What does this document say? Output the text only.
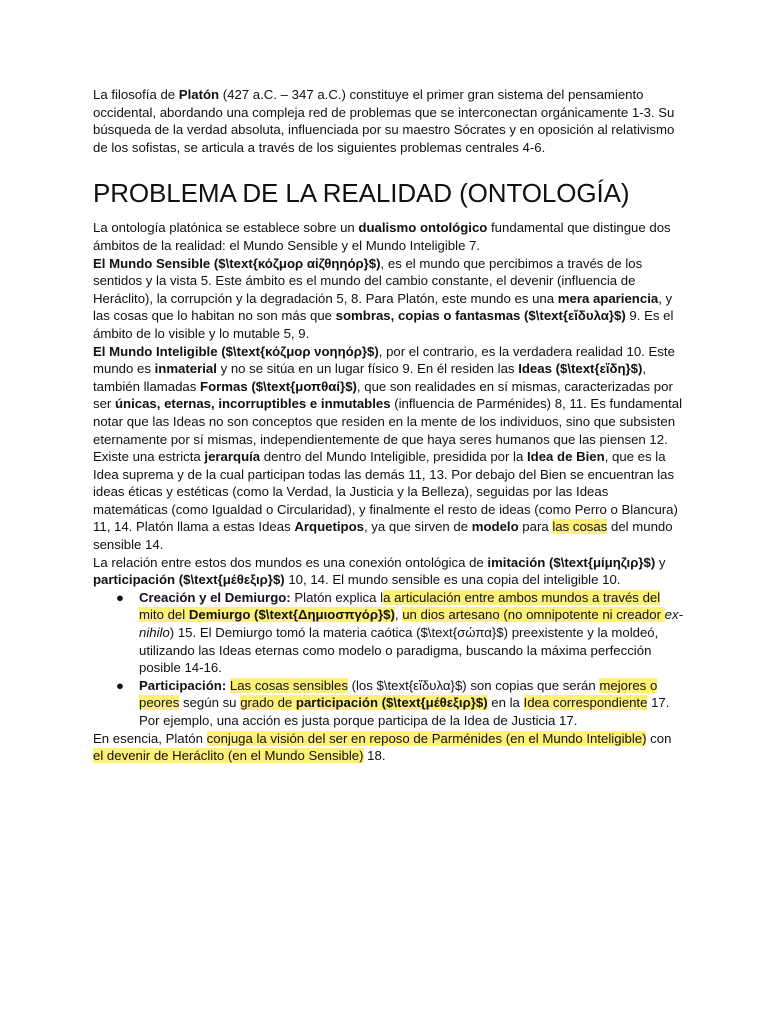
La filosofía de Platón (427 a.C. – 347 a.C.) constituye el primer gran sistema del pensamiento occidental, abordando una compleja red de problemas que se interconectan orgánicamente 1-3. Su búsqueda de la verdad absoluta, influenciada por su maestro Sócrates y en oposición al relativismo de los sofistas, se articula a través de los siguientes problemas centrales 4-6.

PROBLEMA DE LA REALIDAD (ONTOLOGÍA)

La ontología platónica se establece sobre un dualismo ontológico fundamental que distingue dos ámbitos de la realidad: el Mundo Sensible y el Mundo Inteligible 7.

El Mundo Sensible ($\text{κόζμορ αἰζθηηόρ}$), es el mundo que percibimos a través de los sentidos y la vista 5. Este ámbito es el mundo del cambio constante, el devenir (influencia de Heráclito), la corrupción y la degradación 5, 8. Para Platón, este mundo es una mera apariencia, y las cosas que lo habitan no son más que sombras, copias o fantasmas ($\text{εἴδυλα}$) 9. Es el ámbito de lo visible y lo mutable 5, 9.

El Mundo Inteligible ($\text{κόζμορ νοηηόρ}$), por el contrario, es la verdadera realidad 10. Este mundo es inmaterial y no se sitúa en un lugar físico 9. En él residen las Ideas ($\text{εἴδη}$), también llamadas Formas ($\text{μοπθαί}$), que son realidades en sí mismas, caracterizadas por ser únicas, eternas, incorruptibles e inmutables (influencia de Parménides) 8, 11. Es fundamental notar que las Ideas no son conceptos que residen en la mente de los individuos, sino que subsisten eternamente por sí mismas, independientemente de que haya seres humanos que las piensen 12.

Existe una estricta jerarquía dentro del Mundo Inteligible, presidida por la Idea de Bien, que es la Idea suprema y de la cual participan todas las demás 11, 13. Por debajo del Bien se encuentran las ideas éticas y estéticas (como la Verdad, la Justicia y la Belleza), seguidas por las Ideas matemáticas (como Igualdad o Circularidad), y finalmente el resto de ideas (como Perro o Blancura) 11, 14. Platón llama a estas Ideas Arquetipos, ya que sirven de modelo para las cosas del mundo sensible 14.

La relación entre estos dos mundos es una conexión ontológica de imitación ($\text{μίμηζιρ}$) y participación ($\text{μέθεξιρ}$) 10, 14. El mundo sensible es una copia del inteligible 10.

● Creación y el Demiurgo: Platón explica la articulación entre ambos mundos a través del mito del Demiurgo ($\text{Δημιοσπγόρ}$), un dios artesano (no omnipotente ni creador ex-nihilo) 15. El Demiurgo tomó la materia caótica ($\text{σώπα}$) preexistente y la moldeó, utilizando las Ideas eternas como modelo o paradigma, buscando la máxima perfección posible 14-16.
● Participación: Las cosas sensibles (los $\text{εἴδυλα}$) son copias que serán mejores o peores según su grado de participación ($\text{μέθεξιρ}$) en la Idea correspondiente 17. Por ejemplo, una acción es justa porque participa de la Idea de Justicia 17.

En esencia, Platón conjuga la visión del ser en reposo de Parménides (en el Mundo Inteligible) con el devenir de Heráclito (en el Mundo Sensible) 18.
